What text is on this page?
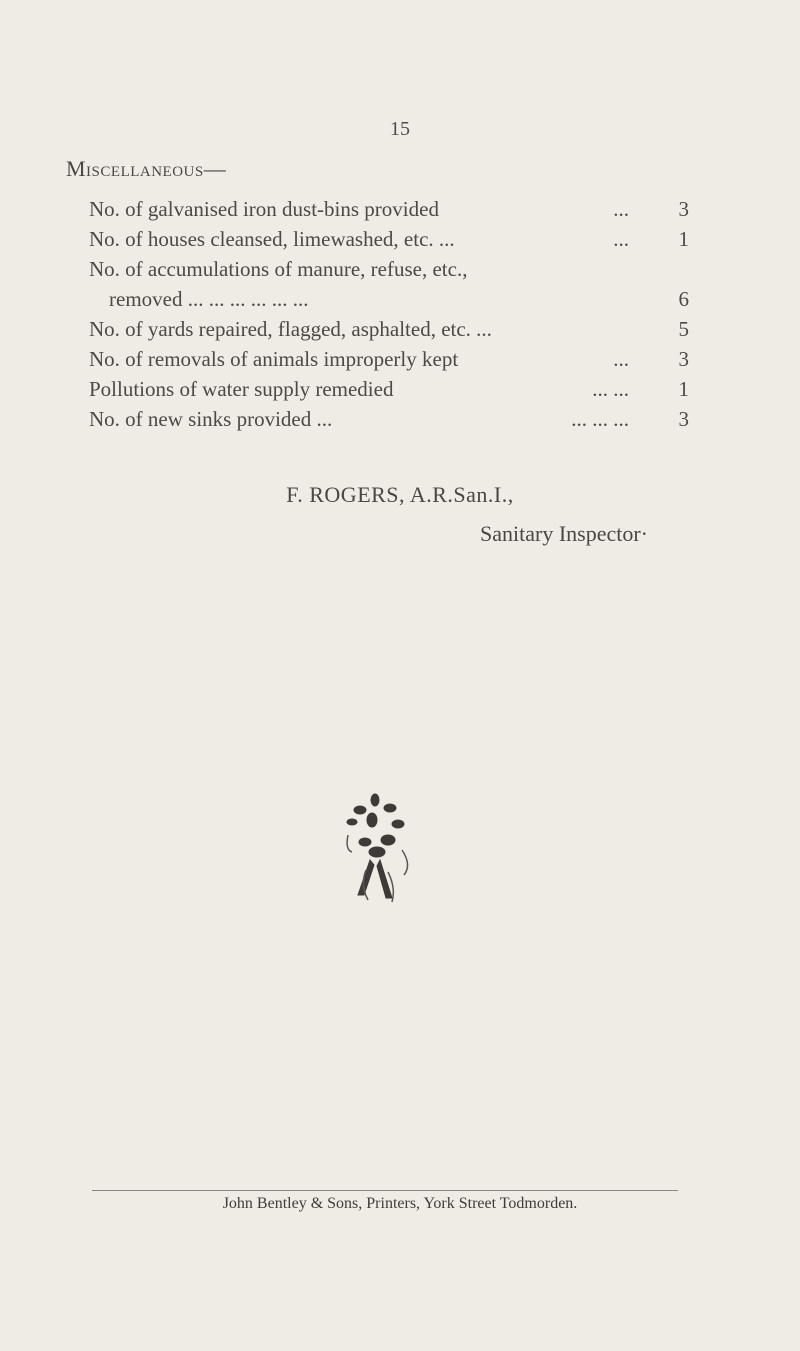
15
Miscellaneous—
No. of galvanised iron dust-bins provided	...	3
No. of houses cleansed, limewashed, etc. ...	...	1
No. of accumulations of manure, refuse, etc.,
removed ... ... ... ... ... ...	6
No. of yards repaired, flagged, asphalted, etc. ...	5
No. of removals of animals improperly kept	...	3
Pollutions of water supply remedied	... ...	1
No. of new sinks provided ...	... ... ...	3
F. ROGERS, A.R.San.I.,
Sanitary Inspector·
John Bentley & Sons, Printers, York Street Todmorden.
